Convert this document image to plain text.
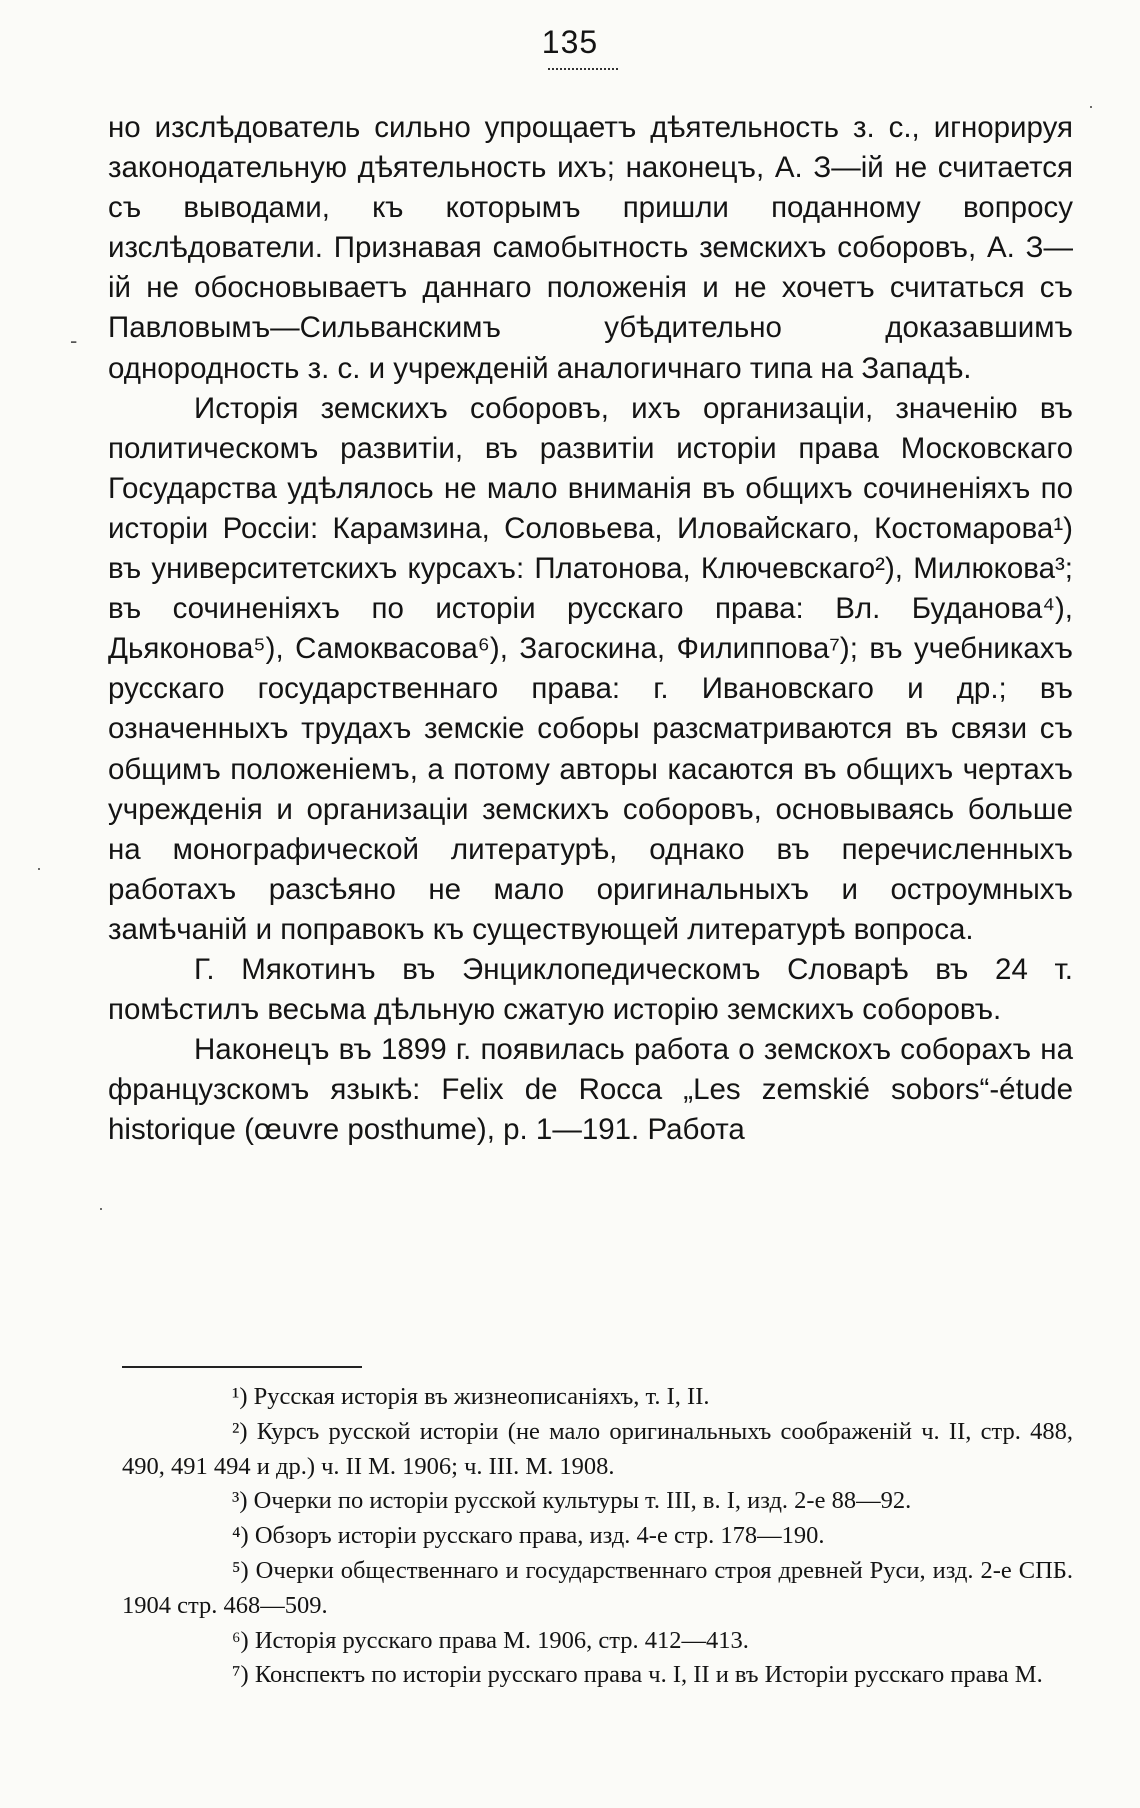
135

но изслѣдователь сильно упрощаетъ дѣятельность з. с., игнорируя законодательную дѣятельность ихъ; наконецъ, А. З—ій не считается съ выводами, къ которымъ пришли поданному вопросу изслѣдователи. Признавая самобытность земскихъ соборовъ, А. З—ій не обосновываетъ даннаго положенія и не хочетъ считаться съ Павловымъ—Сильванскимъ убѣдительно доказавшимъ однородность з. с. и учрежденій аналогичнаго типа на Западѣ.

Исторія земскихъ соборовъ, ихъ организаціи, значенію въ политическомъ развитіи, въ развитіи исторіи права Московскаго Государства удѣлялось не мало вниманія въ общихъ сочиненіяхъ по исторіи Россіи: Карамзина, Соловьева, Иловайскаго, Костомарова¹) въ университетскихъ курсахъ: Платонова, Ключевскаго²), Милюкова³; въ сочиненіяхъ по исторіи русскаго права: Вл. Буданова⁴), Дьяконова⁵), Самоквасова⁶), Загоскина, Филиппова⁷); въ учебникахъ русскаго государственнаго права: г. Ивановскаго и др.; въ означенныхъ трудахъ земскіе соборы разсматриваются въ связи съ общимъ положеніемъ, а потому авторы касаются въ общихъ чертахъ учрежденія и организаціи земскихъ соборовъ, основываясь больше на монографической литературѣ, однако въ перечисленныхъ работахъ разсѣяно не мало оригинальныхъ и остроумныхъ замѣчаній и поправокъ къ существующей литературѣ вопроса.

Г. Мякотинъ въ Энциклопедическомъ Словарѣ въ 24 т. помѣстилъ весьма дѣльную сжатую исторію земскихъ соборовъ.

Наконецъ въ 1899 г. появилась работа о земскохъ соборахъ на французскомъ языкѣ: Felix de Rocca „Les zemskié sobors“-étude historique (œuvre posthume), p. 1—191. Работа

¹) Русская исторія въ жизнеописаніяхъ, т. I, II.

²) Курсъ русской исторіи (не мало оригинальныхъ соображеній ч. II, стр. 488, 490, 491 494 и др.) ч. II М. 1906; ч. III. М. 1908.

³) Очерки по исторіи русской культуры т. III, в. I, изд. 2-е 88—92.

⁴) Обзоръ исторіи русскаго права, изд. 4-е стр. 178—190.

⁵) Очерки общественнаго и государственнаго строя древней Руси, изд. 2-е СПБ. 1904 стр. 468—509.

⁶) Исторія русскаго права М. 1906, стр. 412—413.

⁷) Конспектъ по исторіи русскаго права ч. I, II и въ Исторіи русскаго права М.

-
·
·
·
